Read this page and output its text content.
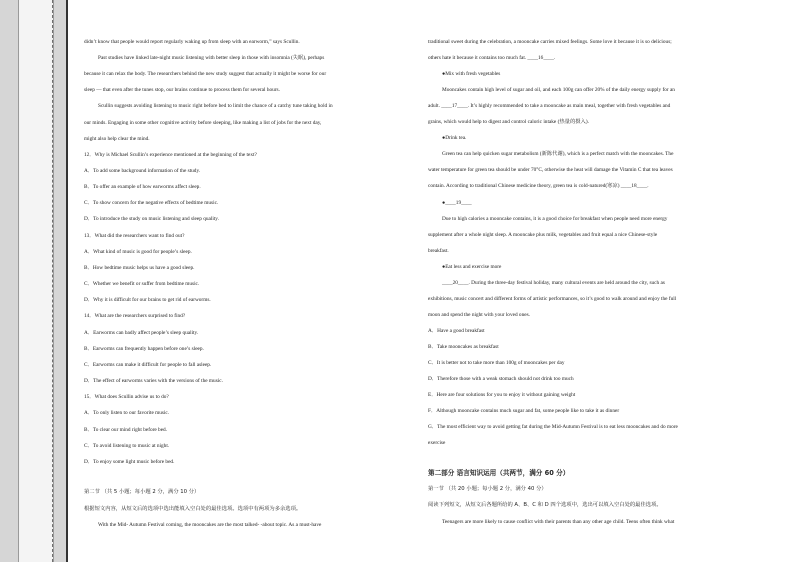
didn’t know that people would report regularly waking up from sleep with an earworm,” says Scullin.
Past studies have linked late-night music listening with better sleep in those with insomnia (失眠), perhaps
because it can relax the body. The researchers behind the new study suggest that actually it might be worse for our
sleep — that even after the tunes stop, our brains continue to process them for several hours.
Scullin suggests avoiding listening to music right before bed to limit the chance of a catchy tune taking hold in
our minds. Engaging in some other cognitive activity before sleeping, like making a list of jobs for the next day,
might also help clear the mind.
12．Why is Michael Scullin’s experience mentioned at the beginning of the text?
A．To add some background information of the study.
B．To offer an example of how earworms affect sleep.
C．To show concern for the negative effects of bedtime music.
D．To introduce the study on music listening and sleep quality.
13．What did the researchers want to find out?
A．What kind of music is good for people’s sleep.
B．How bedtime music helps us have a good sleep.
C．Whether we benefit or suffer from bedtime music.
D．Why it is difficult for our brains to get rid of earworms.
14．What are the researchers surprised to find?
A．Earworms can badly affect people’s sleep quality.
B．Earworms can frequently happen before one’s sleep.
C．Earworms can make it difficult for people to fall asleep.
D．The effect of earworms varies with the versions of the music.
15．What does Scullin advise us to do?
A．To only listen to our favorite music.
B．To clear our mind right before bed.
C．To avoid listening to music at night.
D．To enjoy some light music before bed.
第二节 （共 5 小题；每小题 2 分，满分 10 分）
根据短文内容，从短文后的选项中选出能填入空白处的最佳选项。选项中有两项为多余选项。
With the Mid- Autumn Festival coming, the mooncakes are the most talked- -about topic. As a must-have
traditional sweet during the celebration, a mooncake carries mixed feelings. Some love it because it is so delicious;
others hate it because it contains too much fat. ____16____.
●Mix with fresh vegetables
Mooncakes contain high level of sugar and oil, and each 100g can offer 20% of the daily energy supply for an
adult. ____17____. It’s highly recommended to take a mooncake as main meal, together with fresh vegetables and
grains, which would help to digest and control caloric intake (热量的摄入).
●Drink tea.
Green tea can help quicken sugar metabolism (新陈代谢), which is a perfect match with the mooncakes. The
water temperature for green tea should be under 70°C, otherwise the heat will damage the Vitamin C that tea leaves
contain. According to traditional Chinese medicine theory, green tea is cold-natured(寒凉) ____18____.
●____19____
Due to high calories a mooncake contains, it is a good choice for breakfast when people need more energy
supplement after a whole night sleep. A mooncake plus milk, vegetables and fruit equal a nice Chinese-style
breakfast.
●Eat less and exercise more
____20____. During the three-day festival holiday, many cultural events are held around the city, such as
exhibitions, music concert and different forms of artistic performances, so it’s good to walk around and enjoy the full
moon and spend the night with your loved ones.
A．Have a good breakfast
B．Take mooncakes as breakfast
C．It is better not to take more than 100g of mooncakes per day
D．Therefore those with a weak stomach should not drink too much
E．Here are four solutions for you to enjoy it without gaining weight
F．Although mooncake contains much sugar and fat, some people like to take it as dinner
G．The most efficient way to avoid getting fat during the Mid-Autumn Festival is to eat less mooncakes and do more
exercise
第二部分 语言知识运用（共两节，满分 60 分）
第一节 （共 20 小题；每小题 2 分，满分 40 分）
阅读下列短文，从短文后各题所给的 A、B、C 和 D 四个选项中，选出可以填入空白处的最佳选项。
Teenagers are more likely to cause conflict with their parents than any other age child. Teens often think what
